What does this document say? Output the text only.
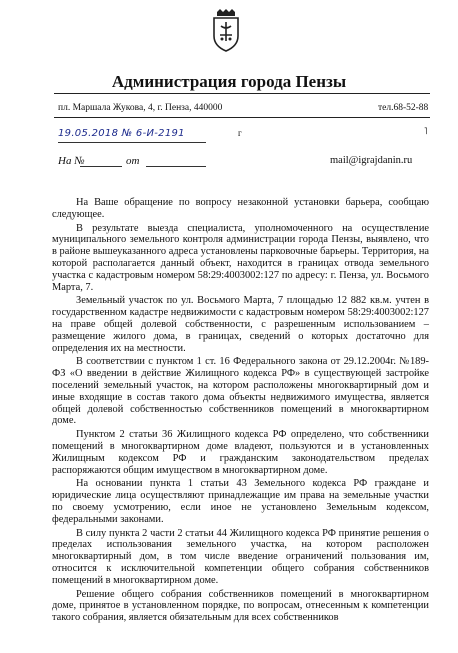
Администрация города Пензы
пл. Маршала Жукова, 4, г. Пенза, 440000	тел.68-52-88
19.05.2018 № 6-И-2191	г	˥
На №	от	mail@igrajdanin.ru

На Ваше обращение по вопросу незаконной установки барьера, сообщаю следующее.

В результате выезда специалиста, уполномоченного на осуществление муниципального земельного контроля администрации города Пензы, выявлено, что в районе вышеуказанного адреса установлены парковочные барьеры. Территория, на которой располагается данный объект, находится в границах отвода земельного участка с кадастровым номером 58:29:4003002:127 по адресу: г. Пенза, ул. Восьмого Марта, 7.

Земельный участок по ул. Восьмого Марта, 7 площадью 12 882 кв.м. учтен в государственном кадастре недвижимости с кадастровым номером 58:29:4003002:127 на праве общей долевой собственности, с разрешенным использованием – размещение жилого дома, в границах, сведений о которых достаточно для определения их на местности.

В соответствии с пунктом 1 ст. 16 Федерального закона от 29.12.2004г. №189-ФЗ «О введении в действие Жилищного кодекса РФ» в существующей застройке поселений земельный участок, на котором расположены многоквартирный дом и иные входящие в состав такого дома объекты недвижимого имущества, является общей долевой собственностью собственников помещений в многоквартирном доме.

Пунктом 2 статьи 36 Жилищного кодекса РФ определено, что собственники помещений в многоквартирном доме владеют, пользуются и в установленных Жилищным кодексом РФ и гражданским законодательством пределах распоряжаются общим имуществом в многоквартирном доме.

На основании пункта 1 статьи 43 Земельного кодекса РФ граждане и юридические лица осуществляют принадлежащие им права на земельные участки по своему усмотрению, если иное не установлено Земельным кодексом, федеральными законами.

В силу пункта 2 части 2 статьи 44 Жилищного кодекса РФ принятие решения о пределах использования земельного участка, на котором расположен многоквартирный дом, в том числе введение ограничений пользования им, относится к исключительной компетенции общего собрания собственников помещений в многоквартирном доме.

Решение общего собрания собственников помещений в многоквартирном доме, принятое в установленном порядке, по вопросам, отнесенным к компетенции такого собрания, является обязательным для всех собственников
